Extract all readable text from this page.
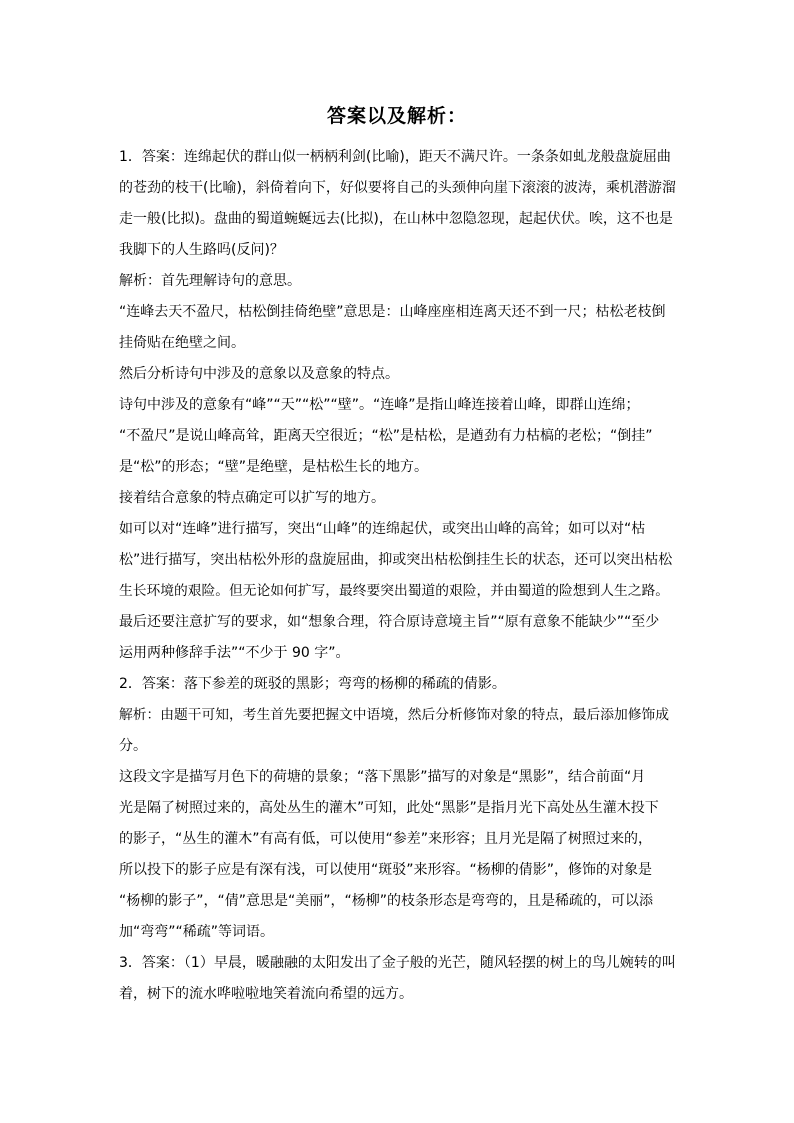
答案以及解析：

1．答案：连绵起伏的群山似一柄柄利剑(比喻)，距天不满尺许。一条条如虬龙般盘旋屈曲

的苍劲的枝干(比喻)，斜倚着向下，好似要将自己的头颈伸向崖下滚滚的波涛，乘机潜游溜

走一般(比拟)。盘曲的蜀道蜿蜒远去(比拟)，在山林中忽隐忽现，起起伏伏。唉，这不也是

我脚下的人生路吗(反问)？

解析：首先理解诗句的意思。

“连峰去天不盈尺，枯松倒挂倚绝壁”意思是：山峰座座相连离天还不到一尺；枯松老枝倒

挂倚贴在绝壁之间。

然后分析诗句中涉及的意象以及意象的特点。

诗句中涉及的意象有“峰”“天”“松”“壁”。“连峰”是指山峰连接着山峰，即群山连绵；

“不盈尺”是说山峰高耸，距离天空很近；“松”是枯松，是遒劲有力枯槁的老松；“倒挂”

是“松”的形态；“壁”是绝壁，是枯松生长的地方。

接着结合意象的特点确定可以扩写的地方。

如可以对“连峰”进行描写，突出“山峰”的连绵起伏，或突出山峰的高耸；如可以对“枯

松”进行描写，突出枯松外形的盘旋屈曲，抑或突出枯松倒挂生长的状态，还可以突出枯松

生长环境的艰险。但无论如何扩写，最终要突出蜀道的艰险，并由蜀道的险想到人生之路。

最后还要注意扩写的要求，如“想象合理，符合原诗意境主旨”“原有意象不能缺少”“至少

运用两种修辞手法”“不少于 90 字”。

2．答案：落下参差的斑驳的黑影；弯弯的杨柳的稀疏的倩影。

解析：由题干可知，考生首先要把握文中语境，然后分析修饰对象的特点，最后添加修饰成

分。

这段文字是描写月色下的荷塘的景象；“落下黑影”描写的对象是“黑影”，结合前面“月

光是隔了树照过来的，高处丛生的灌木”可知，此处“黑影”是指月光下高处丛生灌木投下

的影子，“丛生的灌木”有高有低，可以使用“参差”来形容；且月光是隔了树照过来的，

所以投下的影子应是有深有浅，可以使用“斑驳”来形容。“杨柳的倩影”，修饰的对象是

“杨柳的影子”，“倩”意思是“美丽”，“杨柳”的枝条形态是弯弯的，且是稀疏的，可以添

加“弯弯”“稀疏”等词语。

3．答案：（1）早晨，暖融融的太阳发出了金子般的光芒，随风轻摆的树上的鸟儿婉转的叫

着，树下的流水哗啦啦地笑着流向希望的远方。
